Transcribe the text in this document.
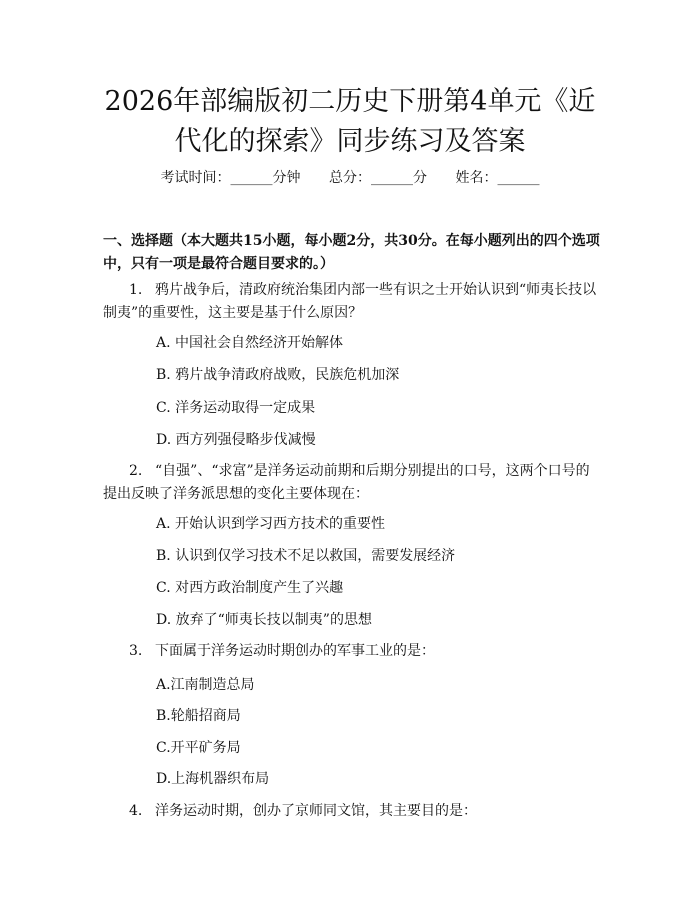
2026年部编版初二历史下册第4单元《近代化的探索》同步练习及答案
考试时间：______分钟 总分：______分 姓名：______
一、选择题（本大题共15小题，每小题2分，共30分。在每小题列出的四个选项中，只有一项是最符合题目要求的。）
1. 鸦片战争后，清政府统治集团内部一些有识之士开始认识到“师夷长技以制夷”的重要性，这主要是基于什么原因？
A. 中国社会自然经济开始解体
B. 鸦片战争清政府战败，民族危机加深
C. 洋务运动取得一定成果
D. 西方列强侵略步伐减慢
2. “自强”、“求富”是洋务运动前期和后期分别提出的口号，这两个口号的提出反映了洋务派思想的变化主要体现在：
A. 开始认识到学习西方技术的重要性
B. 认识到仅学习技术不足以救国，需要发展经济
C. 对西方政治制度产生了兴趣
D. 放弃了“师夷长技以制夷”的思想
3. 下面属于洋务运动时期创办的军事工业的是：
A.江南制造总局
B.轮船招商局
C.开平矿务局
D.上海机器织布局
4. 洋务运动时期，创办了京师同文馆，其主要目的是：
